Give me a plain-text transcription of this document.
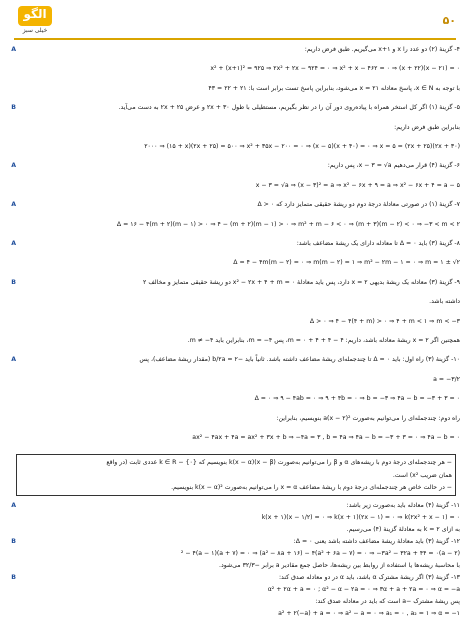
الگو
خیلی سبز
۵۰
A	۴- گزینهٔ (۲) دو عدد را x و x+۱ می‌گیریم. طبق فرض داریم:
x² + (x+۱)² = ۹۲۵ ⇒ ۲x² + ۲x − ۹۲۴ = ۰ ⇒ x² + x − ۴۶۲ = ۰ ⇒ (x + ۲۲)(x − ۲۱) = ۰
با توجه به x ∈ N، پاسخ معادله x = ۲۱ می‌شود، بنابراین پاسخ تست برابر است با: ۲۱ + ۲۲ = ۴۳
B	۵- گزینهٔ (۱) اگر کل استخر همراه با پیاده‌روی دور آن را در نظر بگیریم، مستطیلی با طول ۲x + ۳۰ و عرض ۲x + ۲۵ به دست می‌آید.
بنابراین طبق فرض داریم:
(۲x + ۳۰)(۲x + ۲۵) = ۲۰۰۰ ⇒ (۱۵ + x)(۲x + ۲۵) = ۵۰۰ ⇒ x² + ۳۵x − ۲۰۰ = ۰ ⇒ (x − ۵)(x + ۴۰) = ۰ ⇒ x = ۵
A	۶- گزینهٔ (۴) قرار می‌دهیم x − ۳ = √a، پس داریم:
x − ۳ = √a ⇒ (x − ۳)² = a ⇒ x² − ۶x + ۹ = a ⇒ x² − ۶x + ۴ = a − ۵
A	۷- گزینهٔ (۱) در صورتی معادلهٔ درجهٔ دوم دو ریشهٔ حقیقی متمایز دارد که Δ > ۰
Δ = ۱۶ − ۴(m + ۲)(m − ۱) > ۰ ⇒ ۴ − (m + ۲)(m − ۱) > ۰ ⇒ m² + m − ۶ < ۰ ⇒ (m + ۳)(m − ۲) < ۰ ⇒ −۳ < m < ۲
A	۸- گزینهٔ (۳) باید Δ = ۰ تا معادله دارای یک ریشهٔ مضاعف باشد:
Δ = ۴ − ۴m(m − ۲) = ۰ ⇒ m(m − ۲) = ۱ ⇒ m² − ۲m − ۱ = ۰ ⇒ m = ۱ ± √۲
B	۹- گزینهٔ (۳) معادله یک ریشهٔ بدیهی x = ۲ دارد، پس باید معادلهٔ x² − ۲x + ۴ + m = ۰ دو ریشهٔ حقیقی متمایز و مخالف ۲
داشته باشد.
Δ > ۰ ⇒ ۴ − ۴(۴ + m) > ۰ ⇒ ۴ + m < ۱ ⇒ m < −۳
همچنین اگر x = ۲ ریشهٔ معادله باشد، داریم: ۴ − ۴ + ۴ + m = ۰، پس m = −۴، بنابراین باید m ≠ −۴.
A	۱۰- گزینهٔ (۳) راه اول: باید Δ = ۰ تا چندجمله‌ای ریشهٔ مضاعف داشته باشد. ثانیاً باید −b/۲a = ۲ (مقدار ریشهٔ مضاعف)، پس
a = −۳/۲
Δ = ۰ ⇒ ۹ − ۴ab = ۰ ⇒ ۹ + ۴b = ۰ ⇒ b = −۳ ⇒ ۴a − b = −۳ + ۳ = ۰
راه دوم: چندجمله‌ای را می‌توانیم به‌صورت a(x − ۲)² بنویسیم، بنابراین:
ax² − ۴ax + ۴a = ax² + ۳x + b ⇒ −۴a = ۳ , b = ۴a ⇒ ۴a − b = −۳ + ۳ = ۰ ⇒ ۴a − b = ۰
− هر چندجمله‌ای درجهٔ دوم با ریشه‌های α و β را می‌توانیم به‌صورت k(x − α)(x − β) بنویسیم که {۰} − k ∈ R عددی ثابت (در واقع
همان ضریب x²) است.
− در حالت خاص هر چندجمله‌ای درجهٔ دوم با ریشهٔ مضاعف x = α را می‌توانیم به‌صورت k(x − α)² بنویسیم.
A	۱۱- گزینهٔ (۴) معادله باید به‌صورت زیر باشد:
k(x + ۱)(x − ۱/۲) = ۰ ⇒ k(x + ۱)(۲x − ۱) = ۰ ⇒ k(۲x² + x − ۱) = ۰
به ازای k = ۲ به معادلهٔ گزینهٔ (۴) می‌رسیم.
B	۱۲- گزینهٔ (۳) باید معادلهٔ ریشهٔ مضاعف داشته باشد یعنی Δ = ۰:
(a − ۲)² − ۴(a − ۱)(a + ۷) = ۰ ⇒ (a² − ۸a + ۱۶) − ۴(a² + ۶a − ۷) = ۰ ⇒ −۳a² − ۳۲a + ۴۴ = ۰
با محاسبهٔ ریشه‌ها یا استفاده از روابط بین ریشه‌ها، حاصل جمع مقادیر a برابر −۳۲/۳ می‌شود.
B	۱۳- گزینهٔ (۳) اگر ریشهٔ مشترک α باشد، باید α در دو معادله صدق کند:
α² + ۲α + a = ۰ ; α² − α − ۲a = ۰ ⇒ ۳α + a + ۲a = ۰ ⇒ α = −a
پس ریشهٔ مشترک −a است که باید در معادله صدق کند:
a² + ۲(−a) + a = ۰ ⇒ a² − a = ۰ ⇒ a₁ = ۰ , a₂ = ۱ ⇒ α = −۱
